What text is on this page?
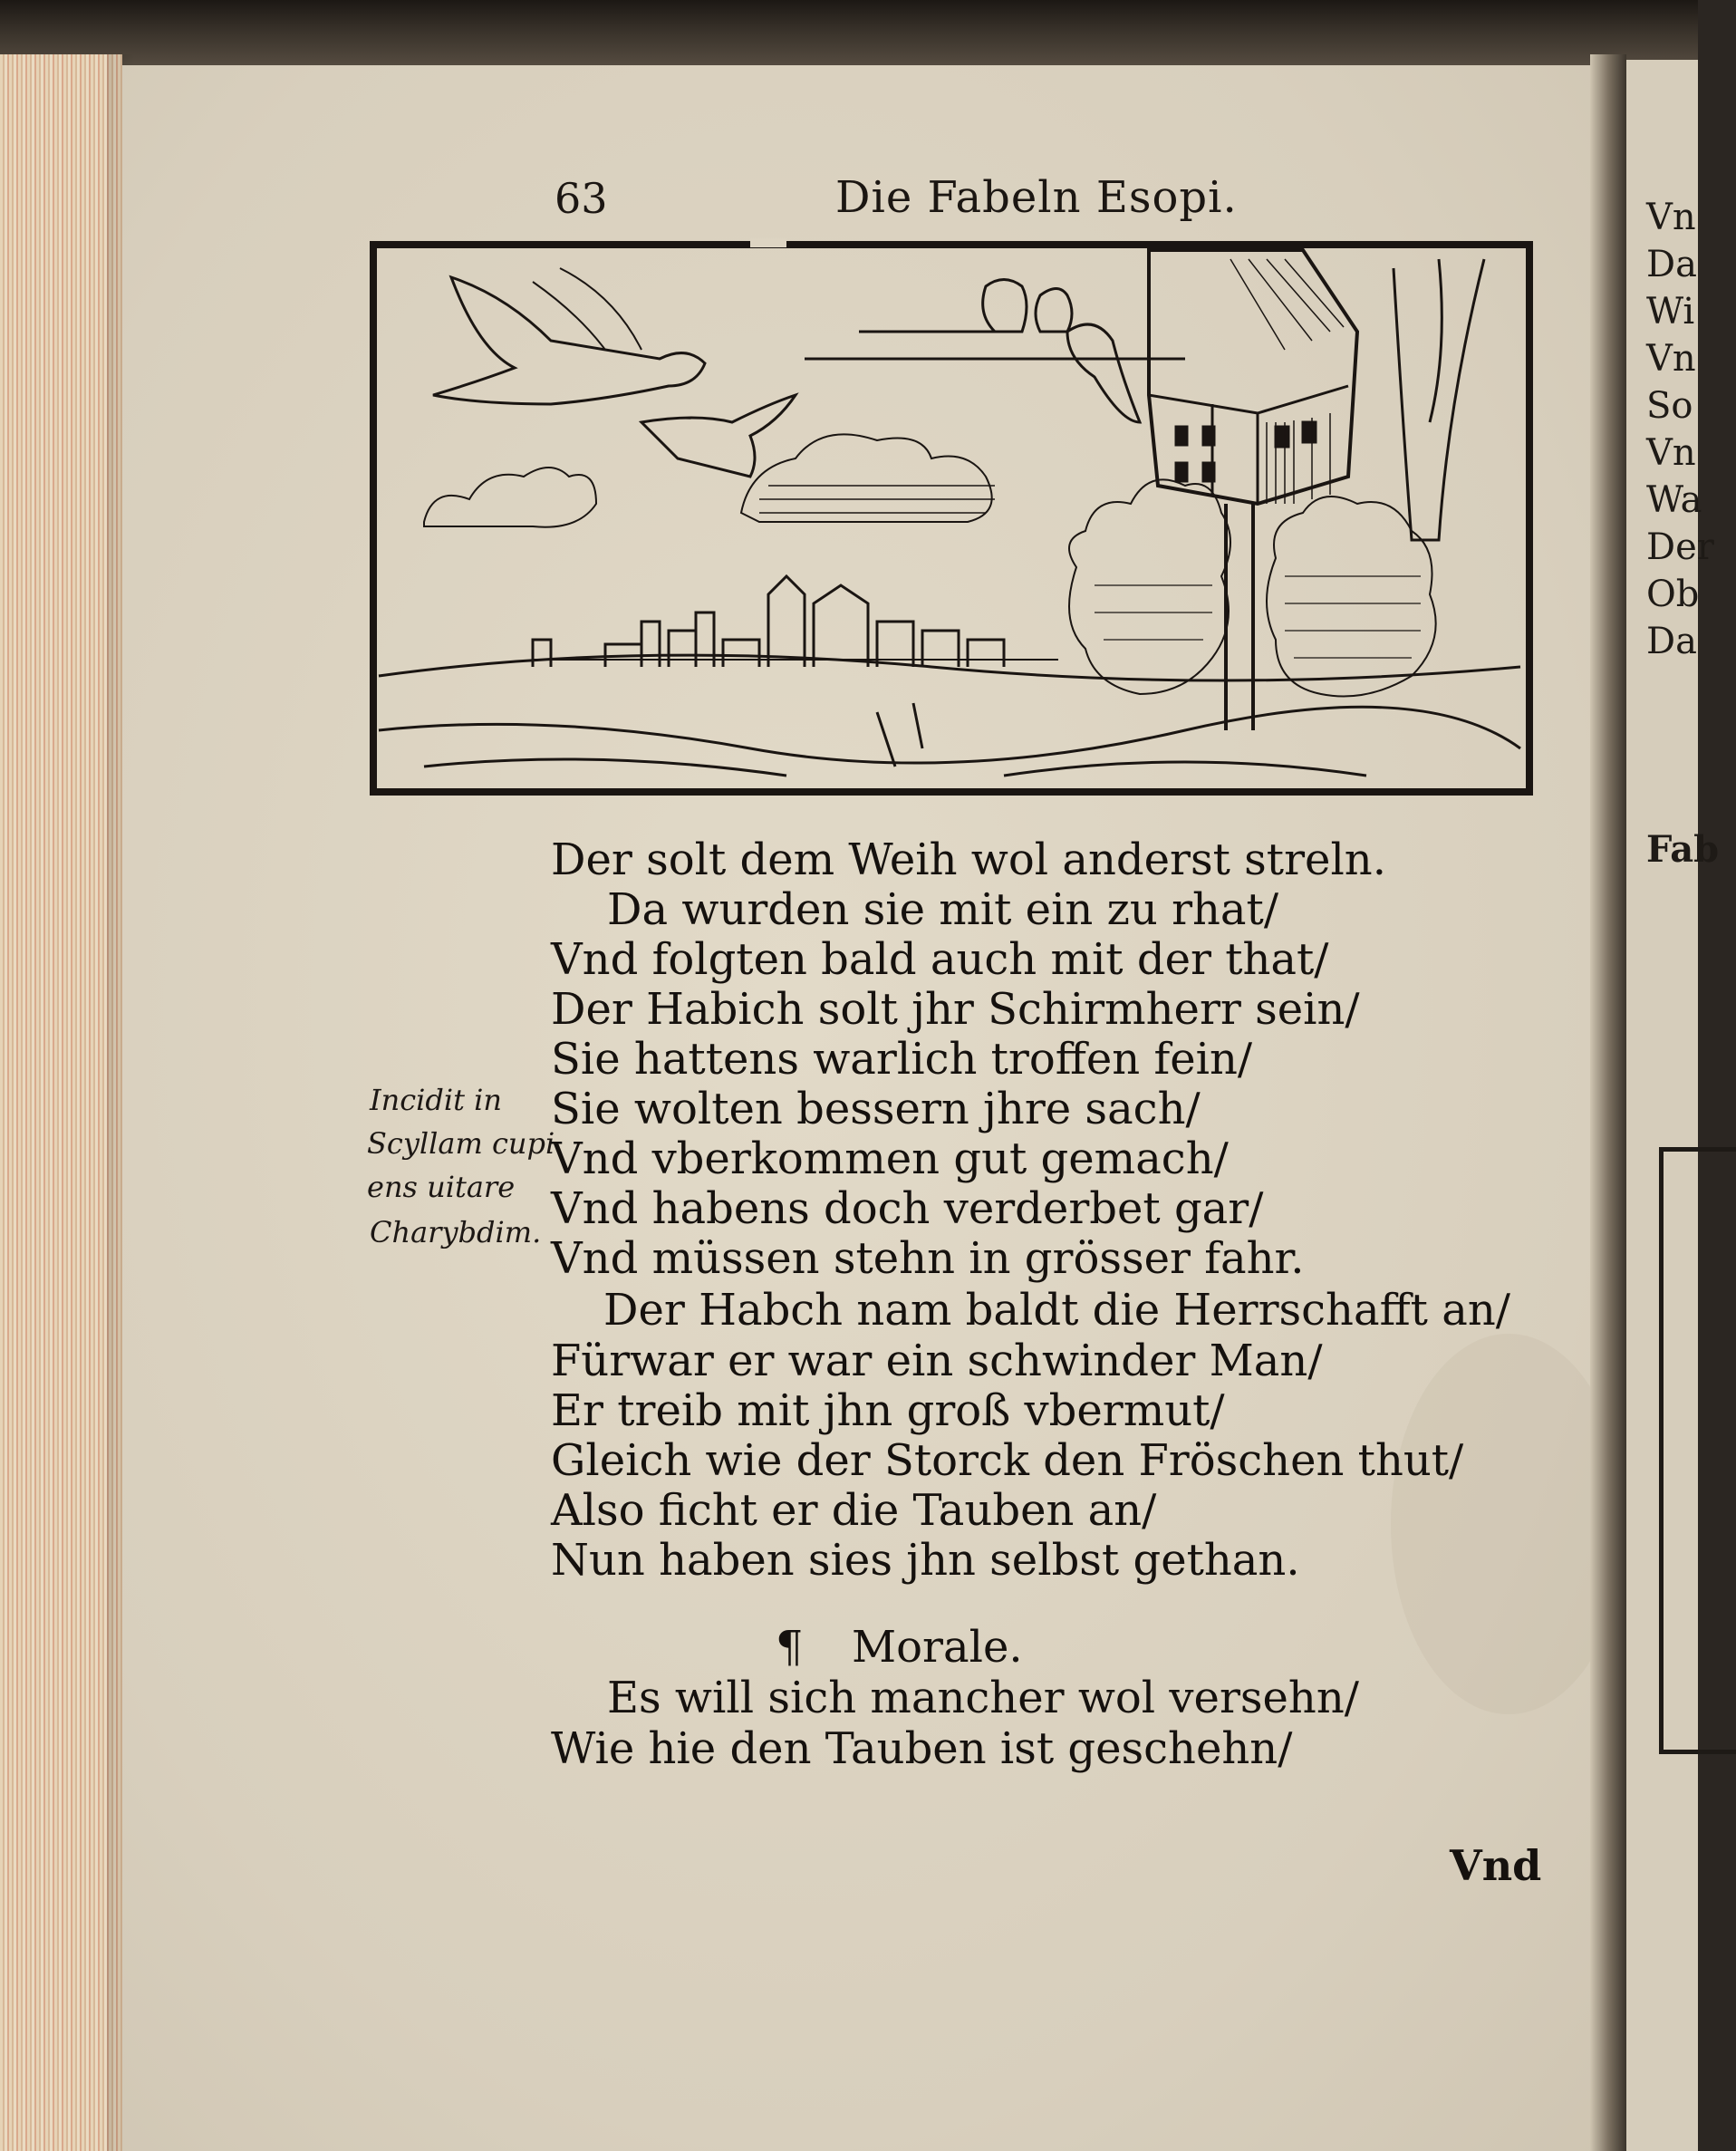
Vn
Da
Wi
Vn
So
Vn
Wa
Der
Ob
Da
Fab
63	Die Fabeln Esopi.
Incidit in
Scyllam cupi
ens uitare
Charybdim.
Der solt dem Weih wol anderst streln.
Da wurden sie mit ein zu rhat/
Vnd folgten bald auch mit der that/
Der Habich solt jhr Schirmherr sein/
Sie hattens warlich troffen fein/
Sie wolten bessern jhre sach/
Vnd vberkommen gut gemach/
Vnd habens doch verderbet gar/
Vnd müssen stehn in grösser fahr.
Der Habch nam baldt die Herrschafft an/
Fürwar er war ein schwinder Man/
Er treib mit jhn groß vbermut/
Gleich wie der Storck den Fröschen thut/
Also ficht er die Tauben an/
Nun haben sies jhn selbst gethan.
¶ Morale.
Es will sich mancher wol versehn/
Wie hie den Tauben ist geschehn/
Vnd
